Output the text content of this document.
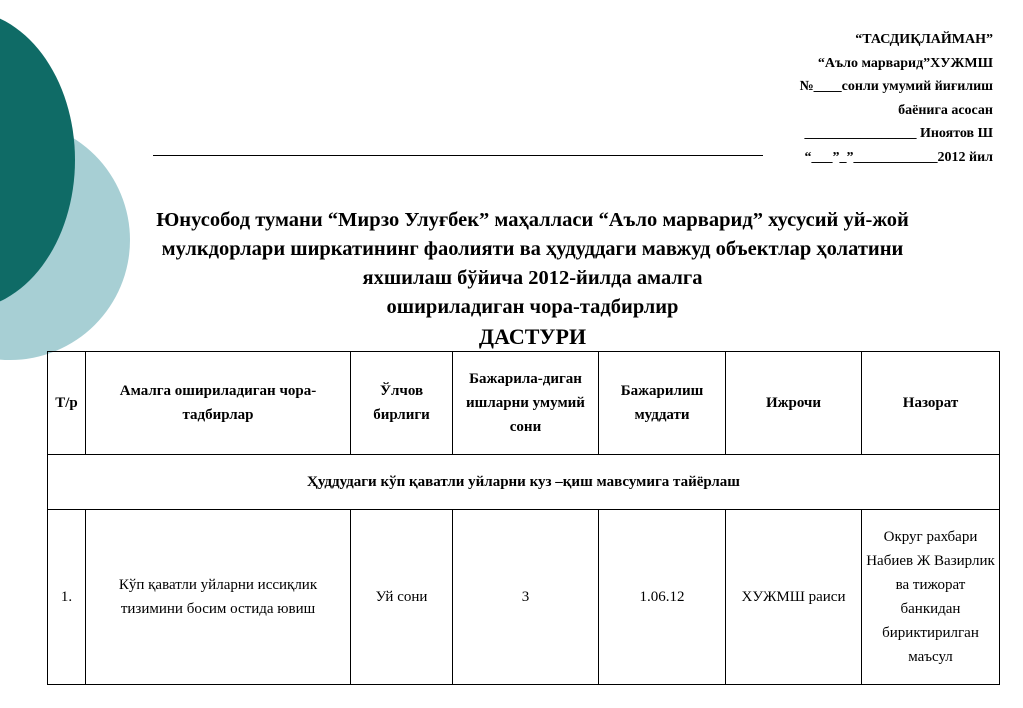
“ТАСДИҚЛАЙМАН”
“Аъло марварид”ХУЖМШ
№____сонли умумий йиғилиш
баёнига асосан
________________ Иноятов Ш
“___”_”____________2012 йил
Юнусобод тумани “Мирзо Улуғбек” маҳалласи “Аъло марварид” хусусий уй-жой
мулкдорлари ширкатининг фаолияти ва ҳудуддаги мавжуд объектлар ҳолатини
яхшилаш бўйича 2012-йилда амалга
ошириладиган чора-тадбирлир
ДАСТУРИ
Т/р	Амалга ошириладиган чора-тадбирлар	Ўлчов бирлиги	Бажарила-диган ишларни умумий сони	Бажарилиш муддати	Ижрочи	Назорат
Ҳуддудаги кўп қаватли уйларни куз –қиш мавсумига тайёрлаш						
1.	Кўп қаватли уйларни иссиқлик тизимини босим остида ювиш	Уй сони	3	1.06.12	ХУЖМШ раиси	Округ рахбари Набиев Ж Вазирлик ва тижорат банкидан бириктирилган маъсул
